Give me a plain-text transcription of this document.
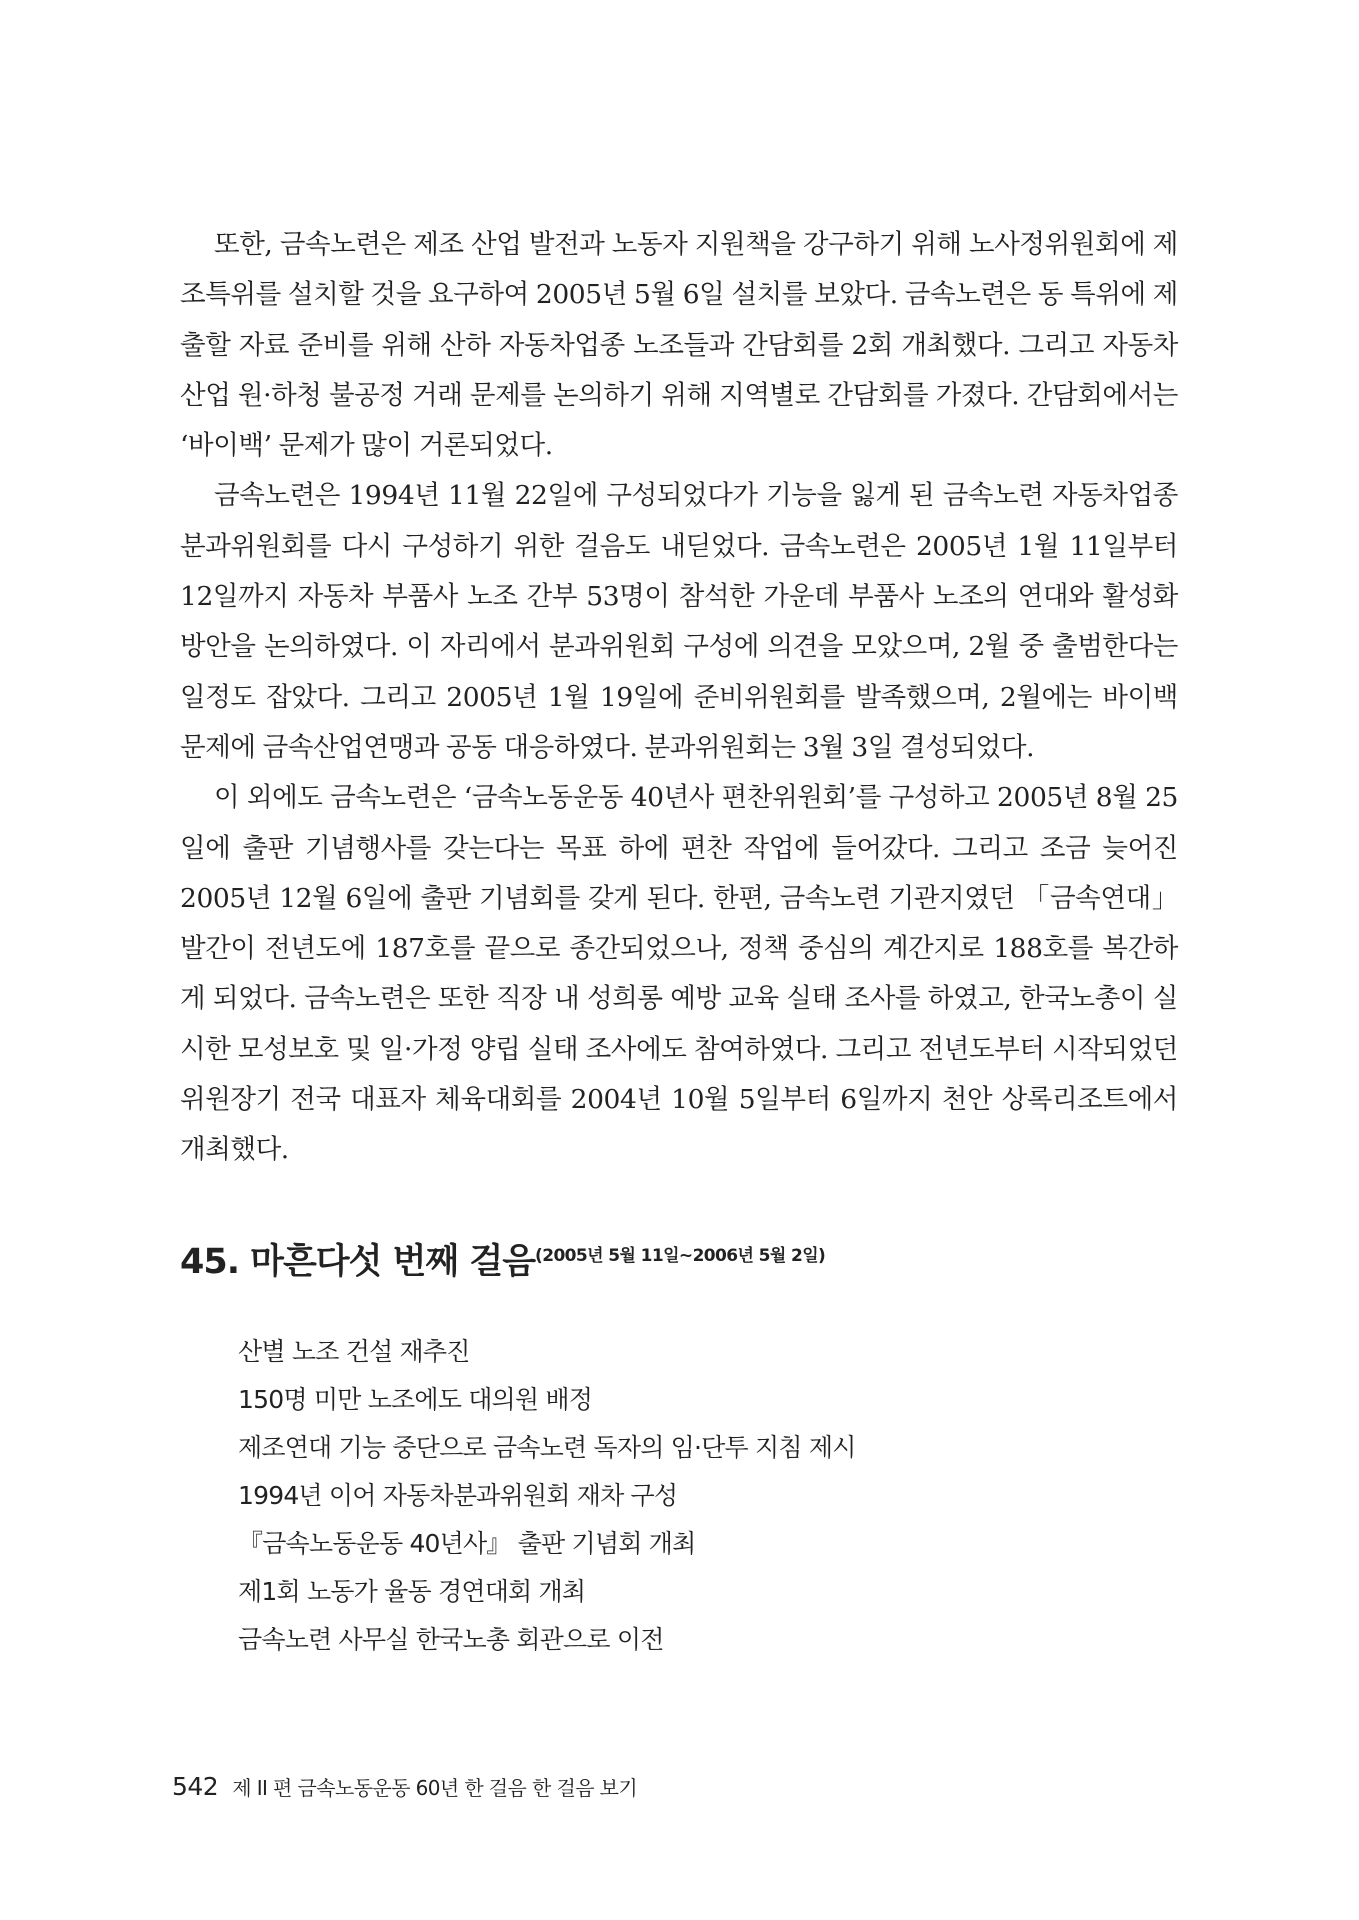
또한, 금속노련은 제조 산업 발전과 노동자 지원책을 강구하기 위해 노사정위원회에 제조특위를 설치할 것을 요구하여 2005년 5월 6일 설치를 보았다. 금속노련은 동 특위에 제출할 자료 준비를 위해 산하 자동차업종 노조들과 간담회를 2회 개최했다. 그리고 자동차산업 원·하청 불공정 거래 문제를 논의하기 위해 지역별로 간담회를 가졌다. 간담회에서는 ‘바이백’ 문제가 많이 거론되었다.

금속노련은 1994년 11월 22일에 구성되었다가 기능을 잃게 된 금속노련 자동차업종 분과위원회를 다시 구성하기 위한 걸음도 내딛었다. 금속노련은 2005년 1월 11일부터 12일까지 자동차 부품사 노조 간부 53명이 참석한 가운데 부품사 노조의 연대와 활성화 방안을 논의하였다. 이 자리에서 분과위원회 구성에 의견을 모았으며, 2월 중 출범한다는 일정도 잡았다. 그리고 2005년 1월 19일에 준비위원회를 발족했으며, 2월에는 바이백 문제에 금속산업연맹과 공동 대응하였다. 분과위원회는 3월 3일 결성되었다.

이 외에도 금속노련은 ‘금속노동운동 40년사 편찬위원회’를 구성하고 2005년 8월 25일에 출판 기념행사를 갖는다는 목표 하에 편찬 작업에 들어갔다. 그리고 조금 늦어진 2005년 12월 6일에 출판 기념회를 갖게 된다. 한편, 금속노련 기관지였던 「금속연대」 발간이 전년도에 187호를 끝으로 종간되었으나, 정책 중심의 계간지로 188호를 복간하게 되었다. 금속노련은 또한 직장 내 성희롱 예방 교육 실태 조사를 하였고, 한국노총이 실시한 모성보호 및 일·가정 양립 실태 조사에도 참여하였다. 그리고 전년도부터 시작되었던 위원장기 전국 대표자 체육대회를 2004년 10월 5일부터 6일까지 천안 상록리조트에서 개최했다.

45. 마흔다섯 번째 걸음$^{(2005년 5월 11일\sim 2006년 5월 2일)}$
산별 노조 건설 재추진
150명 미만 노조에도 대의원 배정
제조연대 기능 중단으로 금속노련 독자의 임·단투 지침 제시
1994년 이어 자동차분과위원회 재차 구성
『금속노동운동 40년사』 출판 기념회 개최
제1회 노동가 율동 경연대회 개최
금속노련 사무실 한국노총 회관으로 이전
542 제 II 편 금속노동운동 60년 한 걸음 한 걸음 보기
